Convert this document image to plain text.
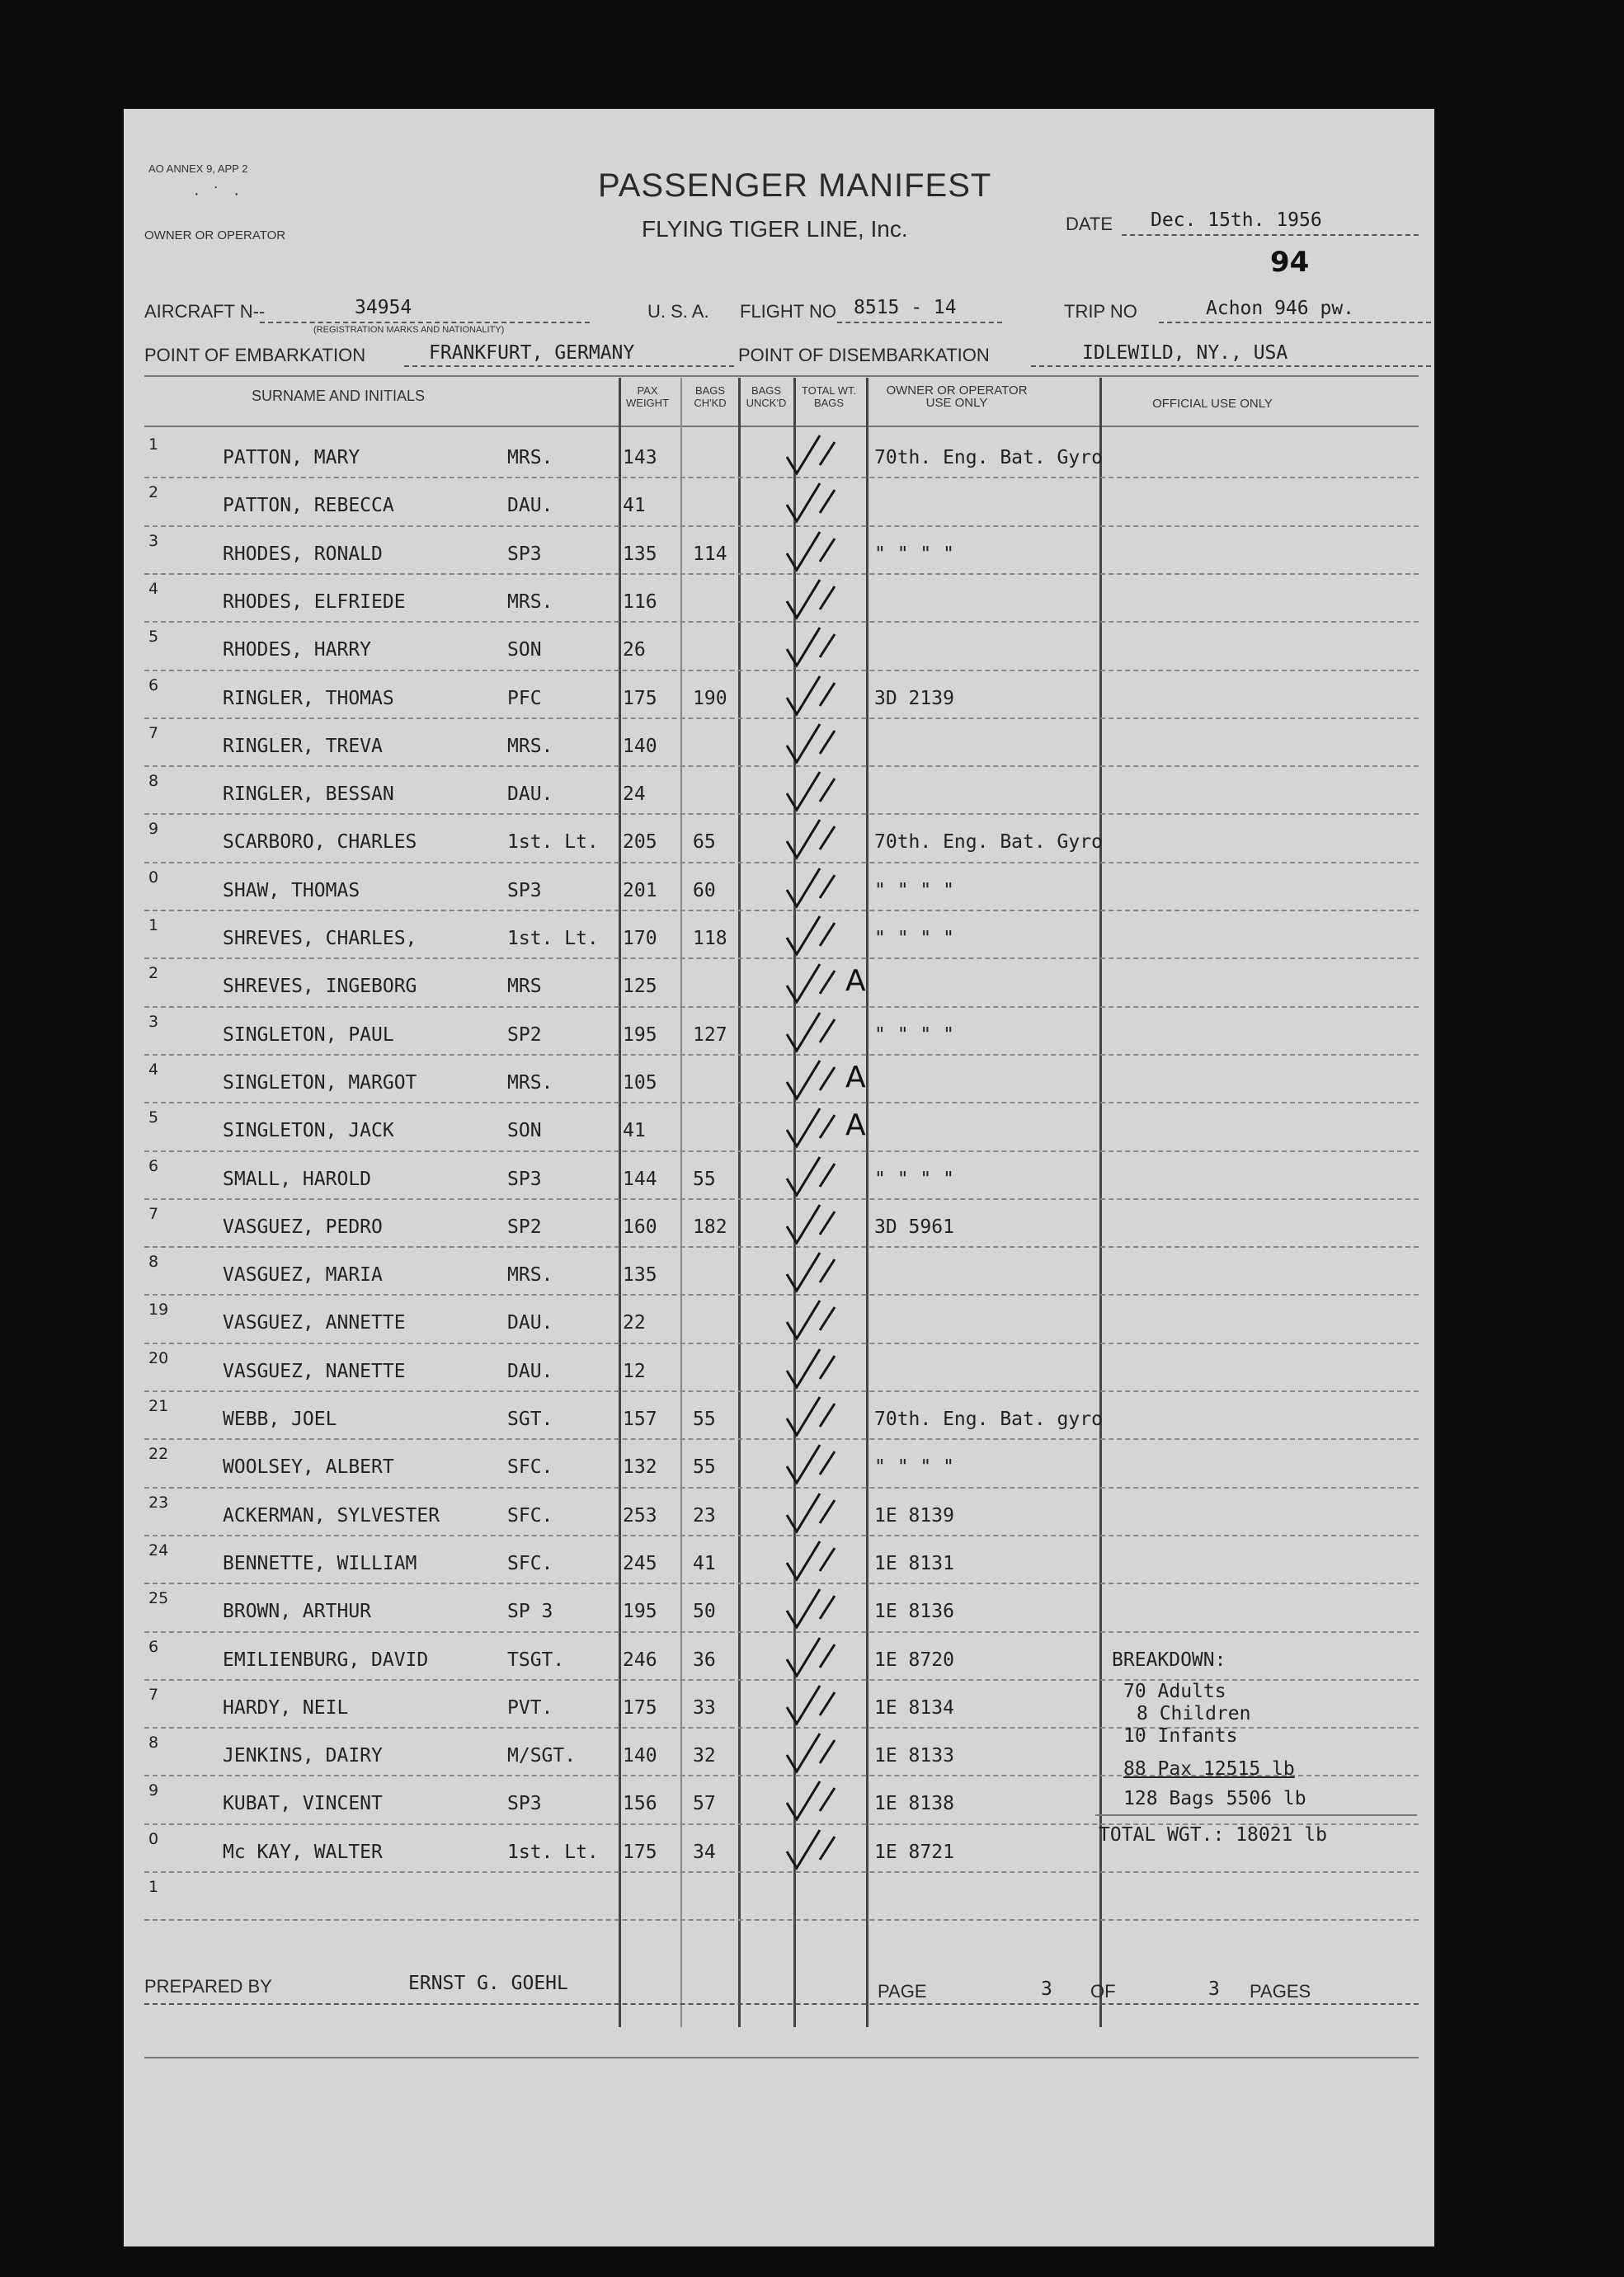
AO ANNEX 9, APP 2
· ˙ ·
OWNER OR OPERATOR
PASSENGER MANIFEST
FLYING TIGER LINE, Inc.	DATE Dec. 15th. 1956
94
AIRCRAFT N--	34954
(REGISTRATION MARKS AND NATIONALITY)
U. S. A. FLIGHT NO 8515 - 14	TRIP NO	Achon 946 pw.
POINT OF EMBARKATION	FRANKFURT, GERMANY	POINT OF DISEMBARKATION	IDLEWILD, NY., USA
SURNAME AND INITIALS	PAX WEIGHT
BAGS CH'KD
BAGS UNCK'D
TOTAL WT. BAGS
OWNER OR OPERATOR USE ONLY	OFFICIAL USE ONLY
1
PATTON, MARY	MRS.	143	70th. Eng. Bat. Gyro
2
PATTON, REBECCA	DAU.	41
3
RHODES, RONALD	SP3	135 114	" " " "
4
RHODES, ELFRIEDE	MRS.	116
5
RHODES, HARRY	SON	26
6
RINGLER, THOMAS	PFC	175 190	3D 2139
7
RINGLER, TREVA	MRS.	140
8
RINGLER, BESSAN	DAU.	24
9
SCARBORO, CHARLES	1st. Lt. 205 65	70th. Eng. Bat. Gyro
0
SHAW, THOMAS	SP3	201 60	" " " "
1
SHREVES, CHARLES,	1st. Lt. 170 118	" " " "
2
SHREVES, INGEBORG	MRS	125	A
3
SINGLETON, PAUL	SP2	195 127	" " " "
4
SINGLETON, MARGOT	MRS.	105	A
5
SINGLETON, JACK	SON	41	A
6
SMALL, HAROLD	SP3	144 55	" " " "
7
VASGUEZ, PEDRO	SP2	160 182	3D 5961
8
VASGUEZ, MARIA	MRS.	135
19
VASGUEZ, ANNETTE	DAU.	22
20
VASGUEZ, NANETTE	DAU.	12
21
WEBB, JOEL	SGT.	157 55	70th. Eng. Bat. gyro
22
WOOLSEY, ALBERT	SFC.	132 55	" " " "
23
ACKERMAN, SYLVESTER	SFC.	253 23	1E 8139
24
BENNETTE, WILLIAM	SFC.	245 41	1E 8131
25
BROWN, ARTHUR	SP 3	195 50	1E 8136
6
EMILIENBURG, DAVID	TSGT.	246 36	1E 8720
7
HARDY, NEIL	PVT.	175 33	1E 8134
8
JENKINS, DAIRY	M/SGT. 140 32	1E 8133
9
KUBAT, VINCENT	SP3	156 57	1E 8138
0
Mc KAY, WALTER	1st. Lt. 175 34	1E 8721
1
BREAKDOWN:
70 Adults
8 Children
10 Infants
88 Pax 12515 lb
128 Bags 5506 lb
TOTAL WGT.: 18021 lb
PREPARED BY	ERNST G. GOEHL	PAGE	3 OF	3 PAGES
